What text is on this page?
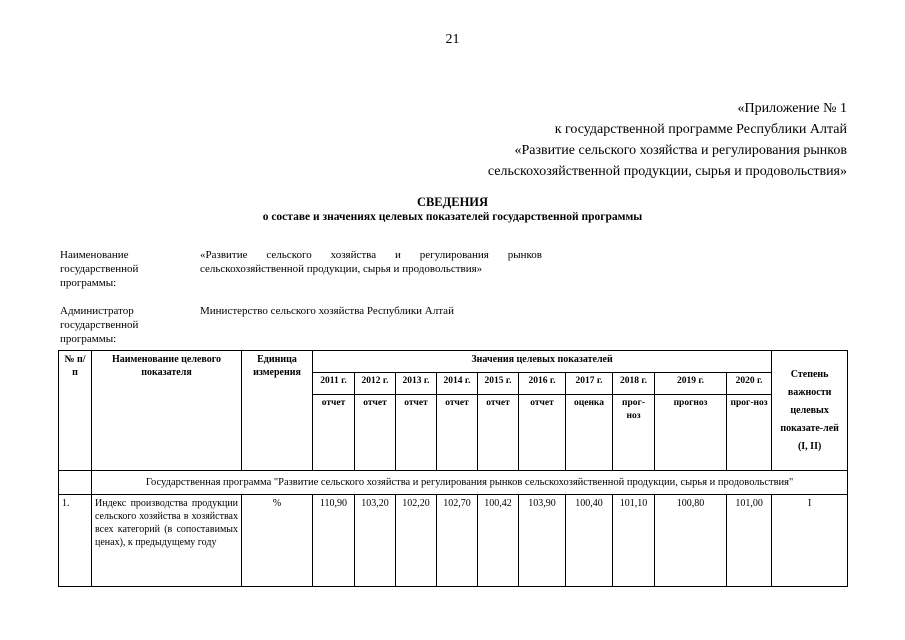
21
«Приложение № 1
к государственной программе Республики Алтай
«Развитие сельского хозяйства и регулирования рынков
сельскохозяйственной продукции, сырья и продовольствия»
СВЕДЕНИЯ
о составе и значениях целевых показателей государственной программы
Наименование государственной программы:
«Развитие сельского хозяйства и регулирования рынков сельскохозяйственной продукции, сырья и продовольствия»
Администратор государственной программы:
Министерство сельского хозяйства Республики Алтай
№ п/п	Наименование целевого показателя	Единица измерения	Значения целевых показателей										Степень важности целевых показате-лей (I, II)
			2011 г.	2012 г.	2013 г.	2014 г.	2015 г.	2016 г.	2017 г.	2018 г.	2019 г.	2020 г.	
			отчет	отчет	отчет	отчет	отчет	отчет	оценка	прог-ноз	прогноз	прог-ноз	
	Государственная программа "Развитие сельского хозяйства и регулирования рынков сельскохозяйственной продукции, сырья и продовольствия"												
1.	Индекс производства продукции сельского хозяйства в хозяйствах всех категорий (в сопоставимых ценах), к предыдущему году	%	110,90	103,20	102,20	102,70	100,42	103,90	100,40	101,10	100,80	101,00	I
